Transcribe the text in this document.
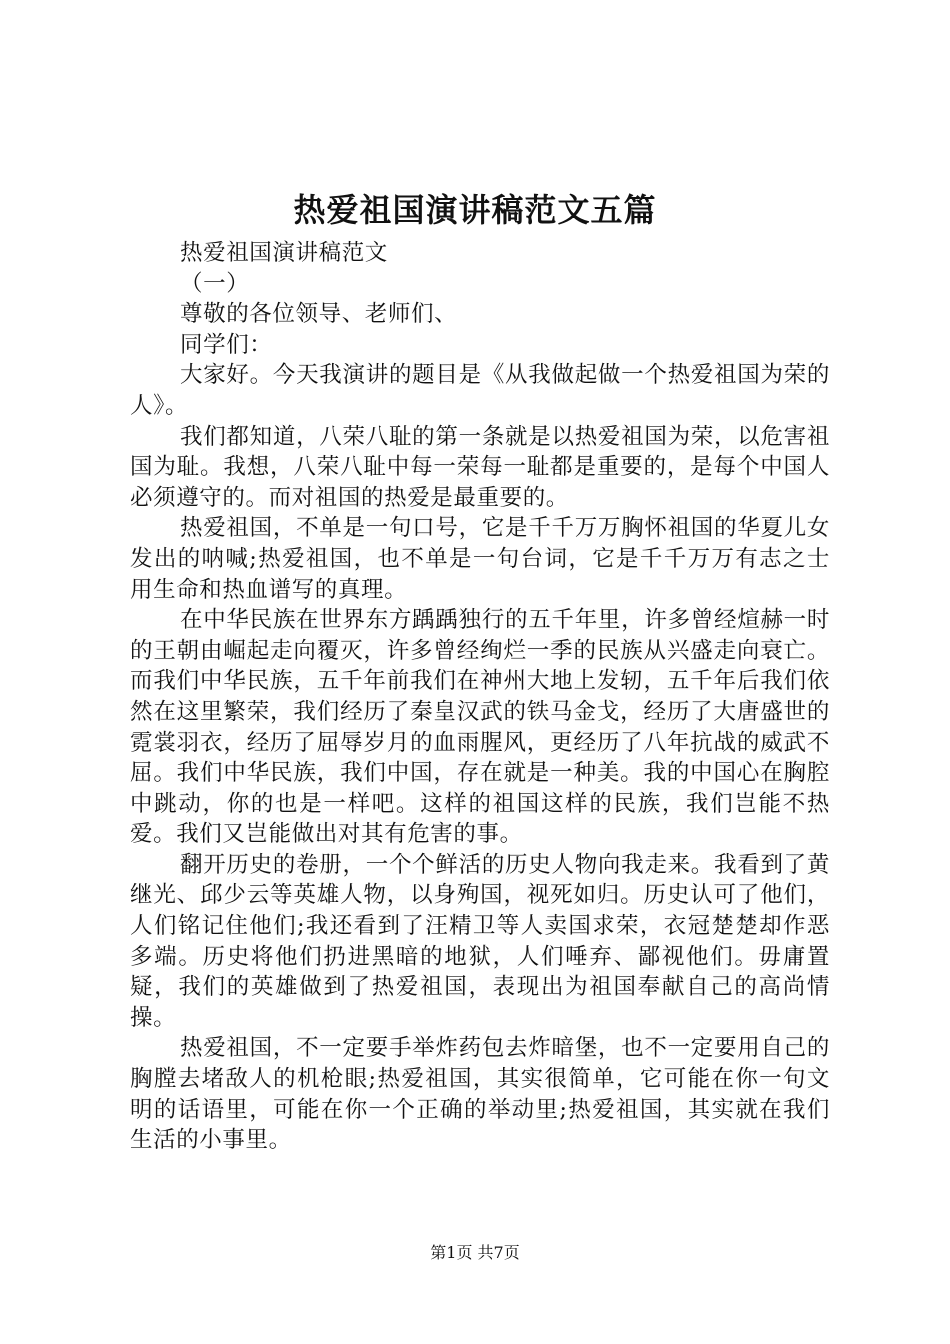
热爱祖国演讲稿范文五篇

热爱祖国演讲稿范文

（一）

尊敬的各位领导、老师们、

同学们：

大家好。今天我演讲的题目是《从我做起做一个热爱祖国为荣的人》。

我们都知道，八荣八耻的第一条就是以热爱祖国为荣，以危害祖国为耻。我想，八荣八耻中每一荣每一耻都是重要的，是每个中国人必须遵守的。而对祖国的热爱是最重要的。

热爱祖国，不单是一句口号，它是千千万万胸怀祖国的华夏儿女发出的呐喊;热爱祖国，也不单是一句台词，它是千千万万有志之士用生命和热血谱写的真理。

在中华民族在世界东方踽踽独行的五千年里，许多曾经煊赫一时的王朝由崛起走向覆灭，许多曾经绚烂一季的民族从兴盛走向衰亡。而我们中华民族，五千年前我们在神州大地上发轫，五千年后我们依然在这里繁荣，我们经历了秦皇汉武的铁马金戈，经历了大唐盛世的霓裳羽衣，经历了屈辱岁月的血雨腥风，更经历了八年抗战的威武不屈。我们中华民族，我们中国，存在就是一种美。我的中国心在胸腔中跳动，你的也是一样吧。这样的祖国这样的民族，我们岂能不热爱。我们又岂能做出对其有危害的事。

翻开历史的卷册，一个个鲜活的历史人物向我走来。我看到了黄继光、邱少云等英雄人物，以身殉国，视死如归。历史认可了他们，人们铭记住他们;我还看到了汪精卫等人卖国求荣，衣冠楚楚却作恶多端。历史将他们扔进黑暗的地狱，人们唾弃、鄙视他们。毋庸置疑，我们的英雄做到了热爱祖国，表现出为祖国奉献自己的高尚情操。

热爱祖国，不一定要手举炸药包去炸暗堡，也不一定要用自己的胸膛去堵敌人的机枪眼;热爱祖国，其实很简单，它可能在你一句文明的话语里，可能在你一个正确的举动里;热爱祖国，其实就在我们生活的小事里。

第1页 共7页
